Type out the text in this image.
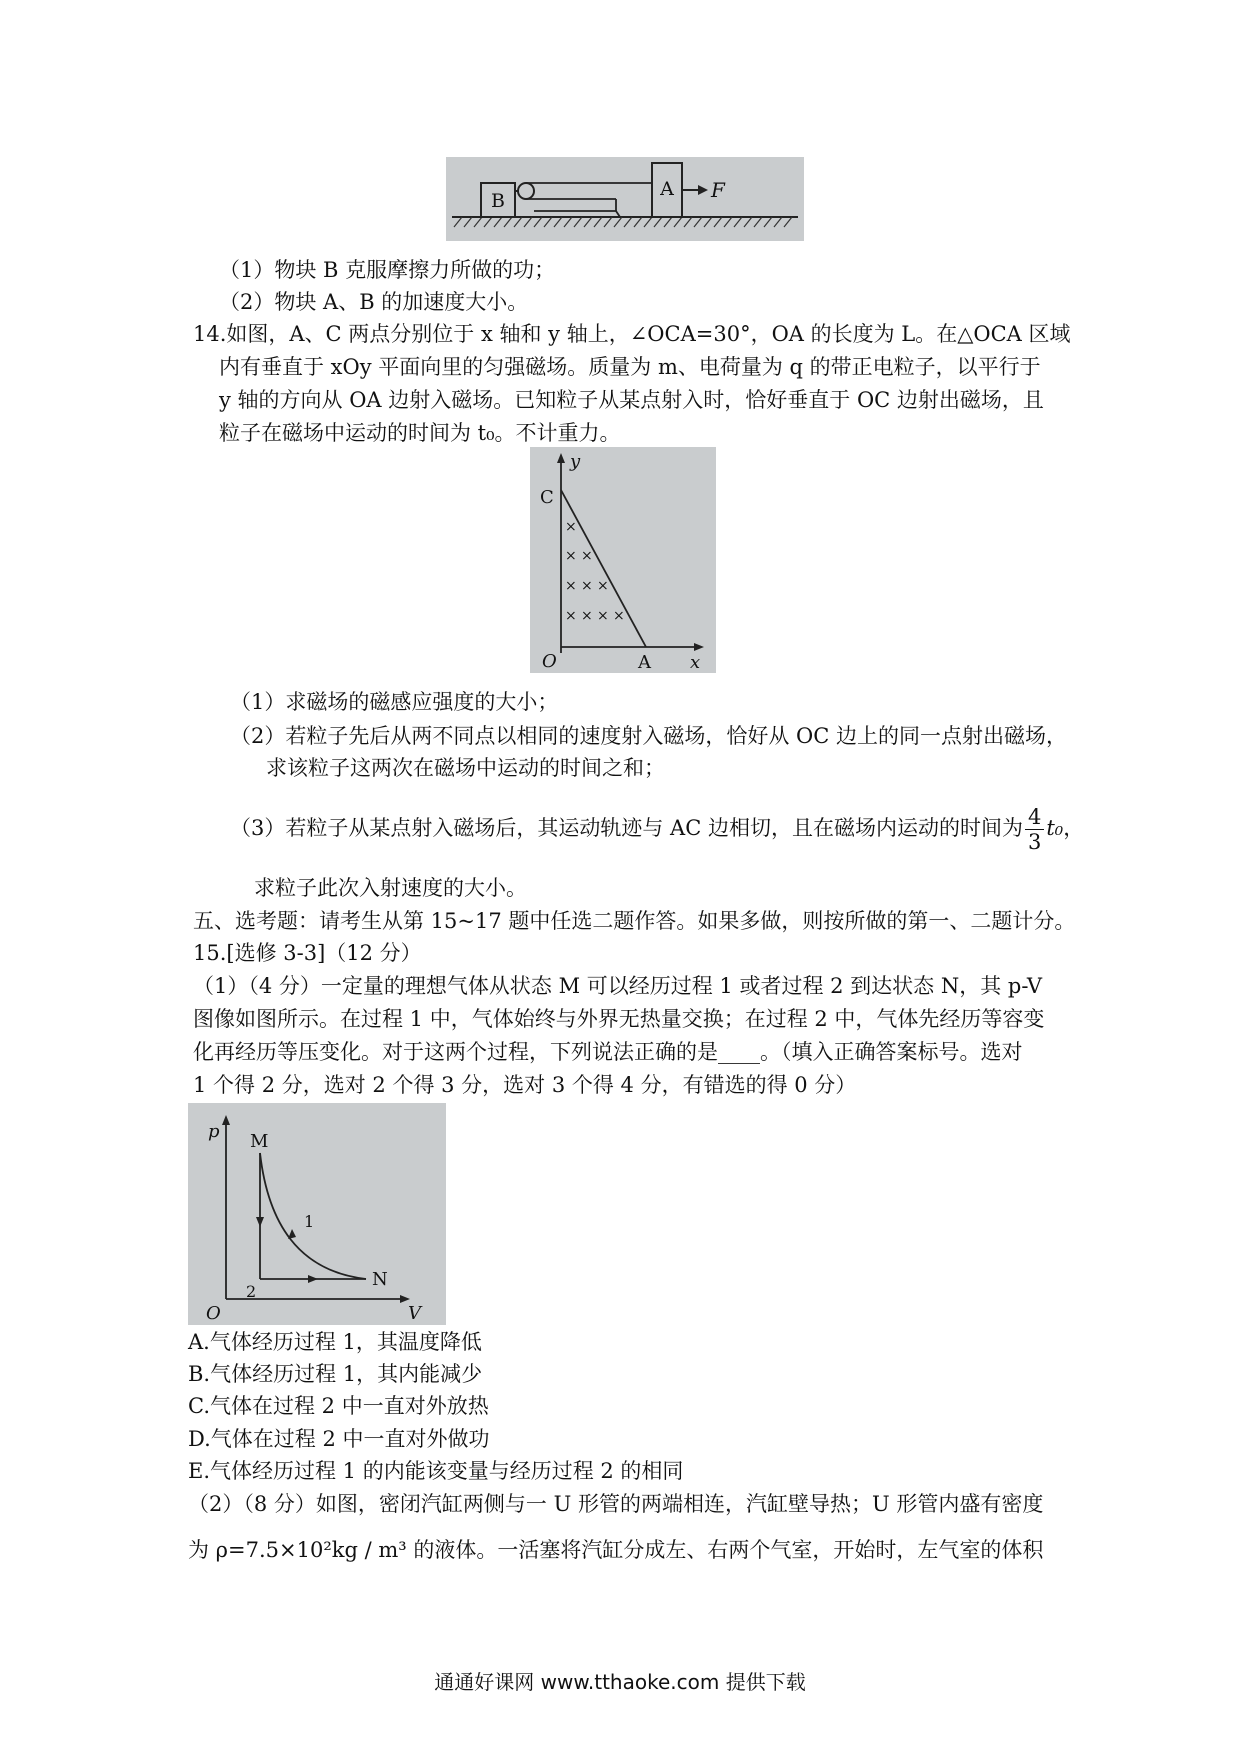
B
A F
（1）物块 B 克服摩擦力所做的功；
（2）物块 A、B 的加速度大小。
14.如图，A、C 两点分别位于 x 轴和 y 轴上，∠OCA=30°，OA 的长度为 L。在△OCA 区域
内有垂直于 xOy 平面向里的匀强磁场。质量为 m、电荷量为 q 的带正电粒子，以平行于
y 轴的方向从 OA 边射入磁场。已知粒子从某点射入时，恰好垂直于 OC 边射出磁场，且
粒子在磁场中运动的时间为 t₀。不计重力。
y
x
O	A
C
×
× ×
× × ×
× × × ×
（1）求磁场的磁感应强度的大小；
（2）若粒子先后从两不同点以相同的速度射入磁场，恰好从 OC 边上的同一点射出磁场，
求该粒子这两次在磁场中运动的时间之和；
（3）若粒子从某点射入磁场后，其运动轨迹与 AC 边相切，且在磁场内运动的时间为 $\frac{4}{3} t_0$，
求粒子此次入射速度的大小。
五、选考题：请考生从第 15~17 题中任选二题作答。如果多做，则按所做的第一、二题计分。
15.[选修 3-3]（12 分）
（1）（4 分）一定量的理想气体从状态 M 可以经历过程 1 或者过程 2 到达状态 N，其 p-V
图像如图所示。在过程 1 中，气体始终与外界无热量交换；在过程 2 中，气体先经历等容变
化再经历等压变化。对于这两个过程，下列说法正确的是____。（填入正确答案标号。选对
1 个得 2 分，选对 2 个得 3 分，选对 3 个得 4 分，有错选的得 0 分）
p
V
O
M
N
1
2
A.气体经历过程 1，其温度降低
B.气体经历过程 1，其内能减少
C.气体在过程 2 中一直对外放热
D.气体在过程 2 中一直对外做功
E.气体经历过程 1 的内能该变量与经历过程 2 的相同
（2）（8 分）如图，密闭汽缸两侧与一 U 形管的两端相连，汽缸壁导热；U 形管内盛有密度
为 ρ=7.5×10²kg / m³ 的液体。一活塞将汽缸分成左、右两个气室，开始时，左气室的体积
通通好课网 www.tthaoke.com 提供下载
